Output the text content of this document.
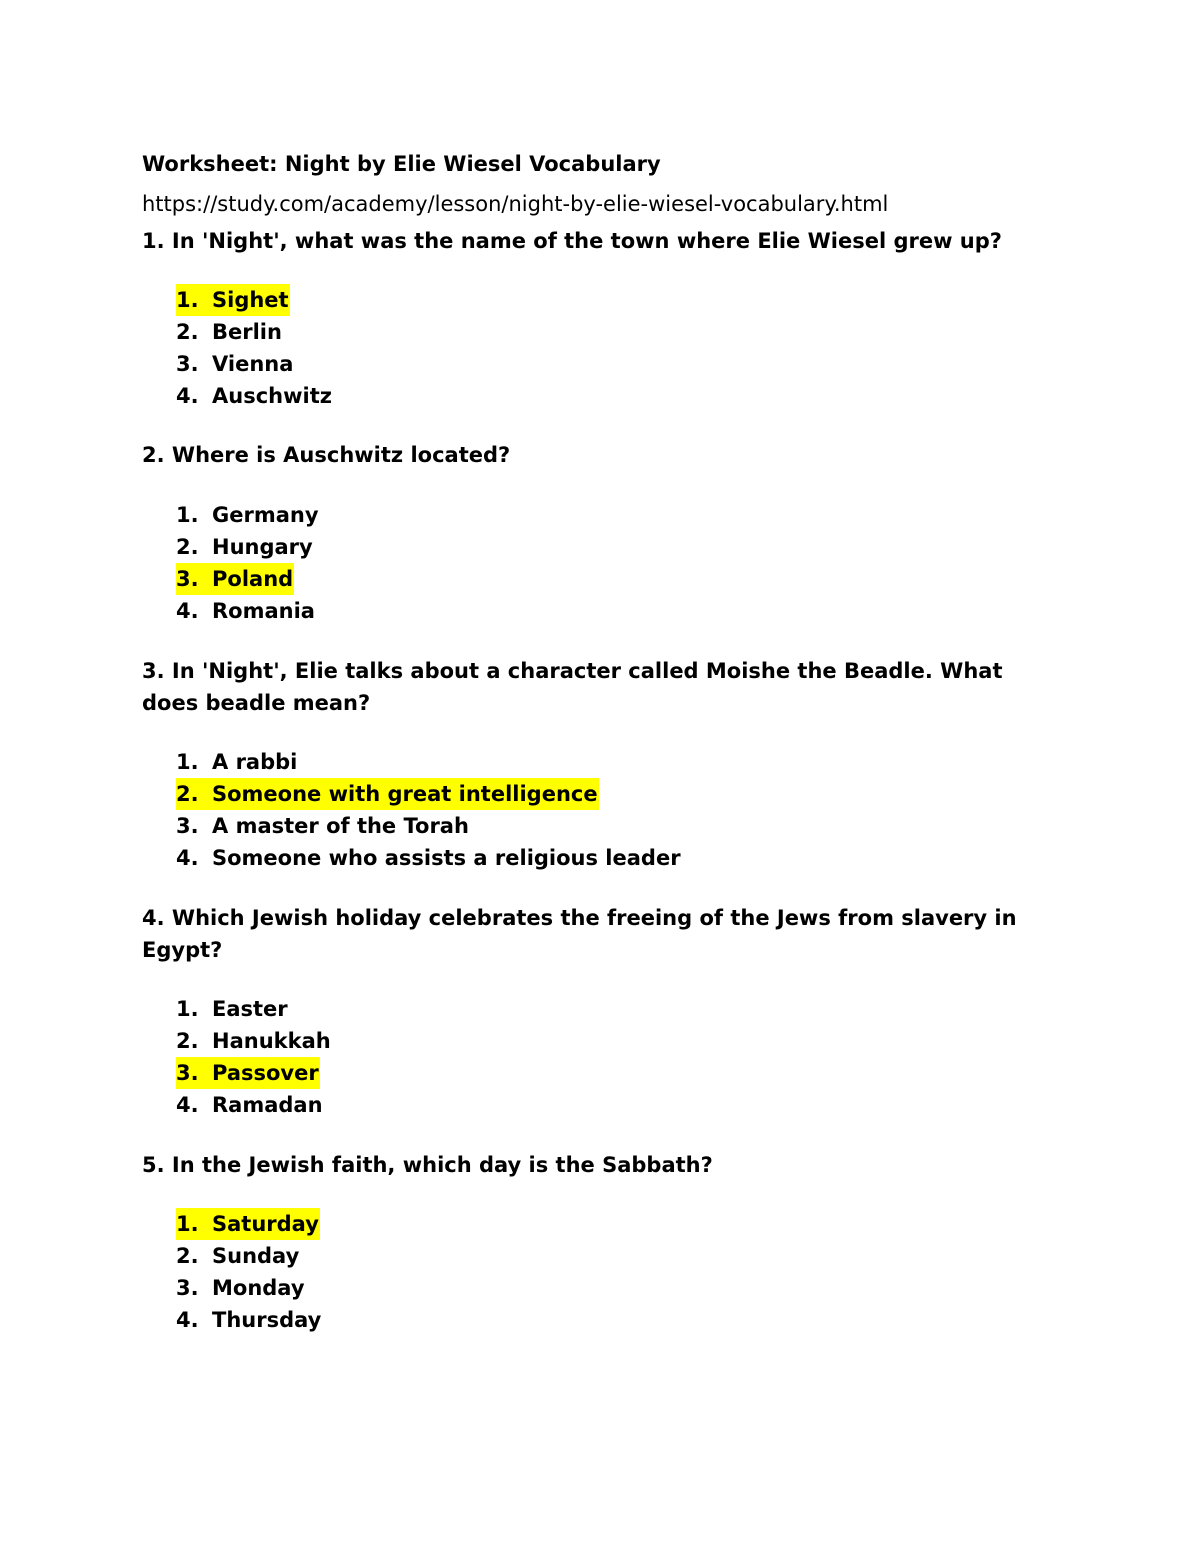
Worksheet: Night by Elie Wiesel Vocabulary
https://study.com/academy/lesson/night-by-elie-wiesel-vocabulary.html
1. In 'Night', what was the name of the town where Elie Wiesel grew up?
1. Sighet
2. Berlin
3. Vienna
4. Auschwitz
2. Where is Auschwitz located?
1. Germany
2. Hungary
3. Poland
4. Romania
3. In 'Night', Elie talks about a character called Moishe the Beadle. What does beadle mean?
1. A rabbi
2. Someone with great intelligence
3. A master of the Torah
4. Someone who assists a religious leader
4. Which Jewish holiday celebrates the freeing of the Jews from slavery in Egypt?
1. Easter
2. Hanukkah
3. Passover
4. Ramadan
5. In the Jewish faith, which day is the Sabbath?
1. Saturday
2. Sunday
3. Monday
4. Thursday
